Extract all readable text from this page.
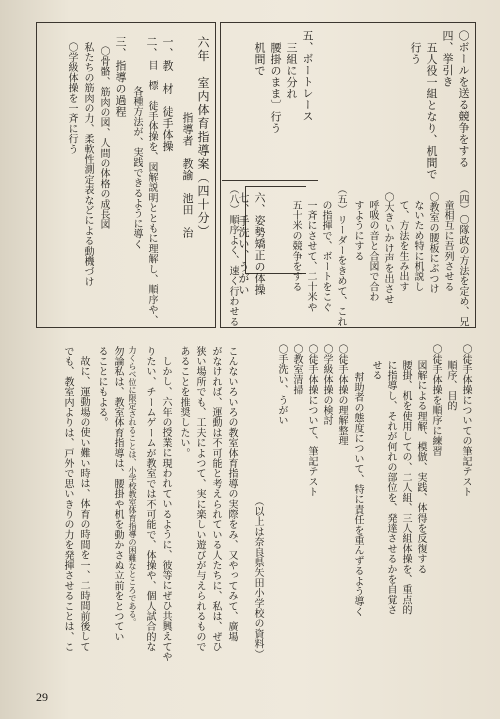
六年　室内体育指導案（四十分）
指導者　教諭　池田　治
一、
教　材　徒手体操
二、
目　標　徒手体操を、図解説明とともに理解し、順序や、
各種方法が、実践できるように導く
三、
指導の過程
〇骨骼、筋肉の図、人間の体格の成長図
私たちの筋肉の力、柔軟性測定表などによる動機づけ
〇学級体操を一斉に行う	〇ボールを送る競争をする
四、挙引き
五人役一組となり、机間で
行う
五、ボートレース
三組に分れ
腰掛のまま〕行う
机間で
六、姿勢矯正の体操
七、手洗い、うがい	（四）〇隊政の方法を定め、兄
童相互に吾列させる
〇教室の腰板にぶつけ
ないため特に机説し
て、方法を生み出す
〇大きいかけ声を出させ
呼吸の音と合図で合わ
すようにする
（五）リーダーをきめて、これ
の指揮で、ボートをこぐ
一斉にさせて、二十米や
五十米の競争をする
（八）順序よく、速く行わせる
〇徒手体操についての筆記テスト
順序、目的
〇徒手体操を順序に練習
図解による理解、模倣、実践、体得を反復する
腰掛、机を使用しての、二人組、三人組体操を、重点的
に指導し、それが何れの部位を、発達させるかを自覚さ
せる
幇助者の態度について、特に責任を重んずるよう導く
〇徒手体操の理解整理
〇学級体操の検討
〇徒手体操について、筆記テスト
〇教室清掃
〇手洗い、うがい
（以上は奈良県矢田小学校の資料）
こんないろいろの教室体育指導の実際をみ、又やってみて、廣場
がなければ、運動は不可能と考えられている人たちに、私は、ぜひ
狭い場所でも、工夫によつて、実に楽しい遊びが与えられるもので
あることを推奨したい。
しかし、六年の授業に現われているように、彼等にぜひ共興えてや
りたい、チームゲームが教室では不可能で、体操や、個人試合的な
力くらべ位に限定されることは、小学校教室体育指導の困難なところである。
勿論私は、教室体育指導は、腰掛や机を動かさぬ立前をとつてい
ることにもよる。
故に、運動場の使い難い時は、体育の時間を一、二時間前後して
でも、教室内よりは、戸外で思いきりの力を発揮させることは、こ
29
